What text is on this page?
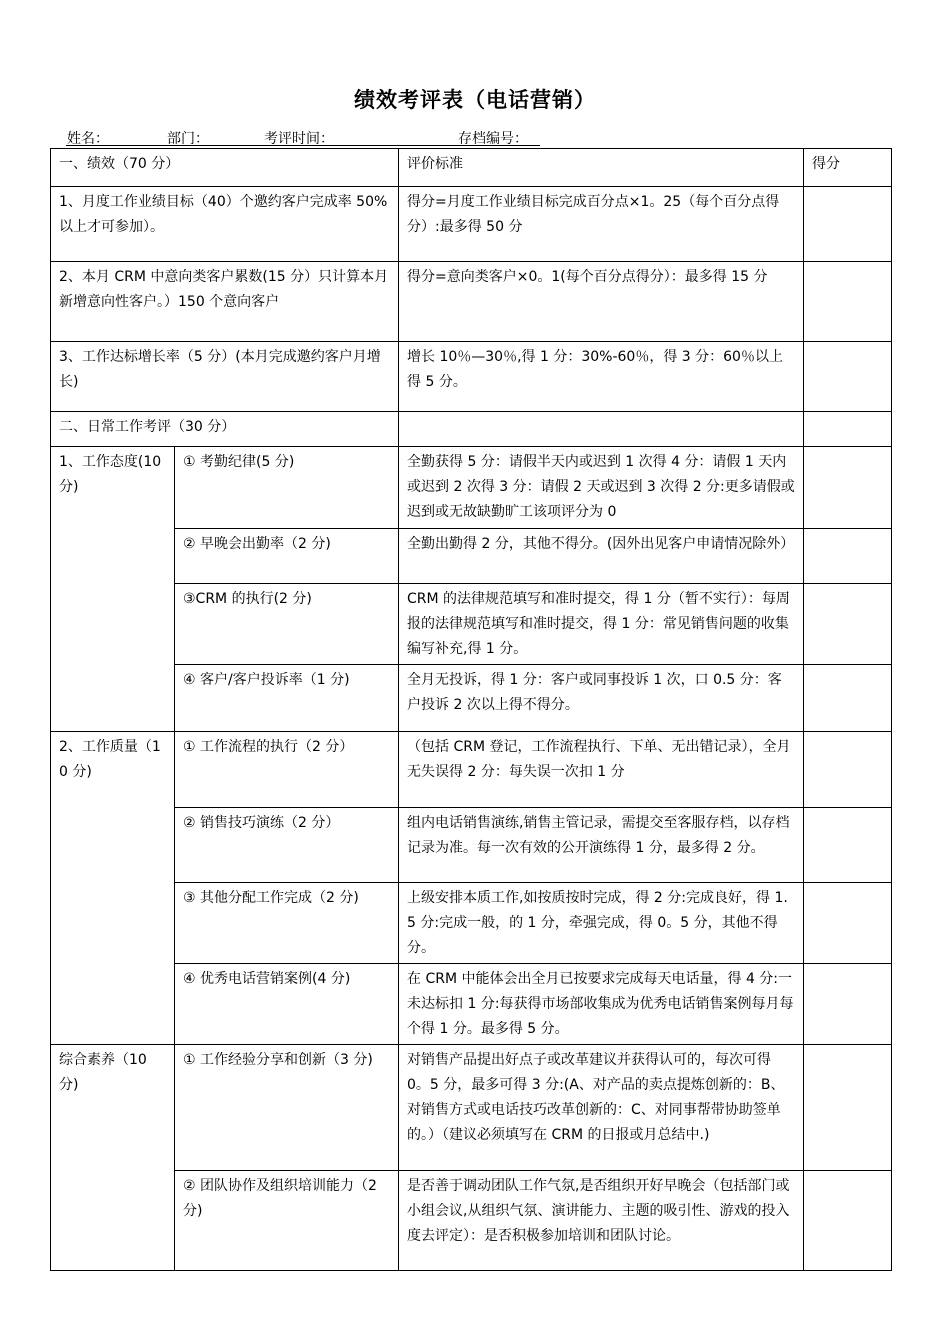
绩效考评表（电话营销）
姓名：	部门：	考评时间：	存档编号：
一、绩效（70 分）		评价标准	得分
1、月度工作业绩目标（40）个邀约客户完成率 50%以上才可参加）。		得分=月度工作业绩目标完成百分点×1。25（每个百分点得分）:最多得 50 分	
2、本月 CRM 中意向类客户累数(15 分）只计算本月新增意向性客户。）150 个意向客户		得分=意向类客户×0。1(每个百分点得分）：最多得 15 分	
3、工作达标增长率（5 分）(本月完成邀约客户月增长)		增长 10％—30％,得 1 分：30%-60％，得 3 分：60％以上得 5 分。	
二、日常工作考评（30 分）			
1、工作态度(10 分)	① 考勤纪律(5 分)	全勤获得 5 分：请假半天内或迟到 1 次得 4 分：请假 1 天内或迟到 2 次得 3 分：请假 2 天或迟到 3 次得 2 分:更多请假或迟到或无故缺勤旷工该项评分为 0	
	② 早晚会出勤率（2 分)	全勤出勤得 2 分，其他不得分。(因外出见客户申请情况除外）	
	③CRM 的执行(2 分)	CRM 的法律规范填写和准时提交，得 1 分（暂不实行）：每周报的法律规范填写和准时提交，得 1 分：常见销售问题的收集编写补充,得 1 分。	
	④ 客户/客户投诉率（1 分)	全月无投诉，得 1 分：客户或同事投诉 1 次，口 0.5 分：客户投诉 2 次以上得不得分。	
2、工作质量（10 分)	① 工作流程的执行（2 分）	（包括 CRM 登记，工作流程执行、下单、无出错记录），全月无失误得 2 分：每失误一次扣 1 分	
	② 销售技巧演练（2 分）	组内电话销售演练,销售主管记录，需提交至客服存档，以存档记录为准。每一次有效的公开演练得 1 分，最多得 2 分。	
	③ 其他分配工作完成（2 分)	上级安排本质工作,如按质按时完成，得 2 分:完成良好，得 1.5 分:完成一般，的 1 分，牵强完成，得 0。5 分，其他不得分。	
	④ 优秀电话营销案例(4 分)	在 CRM 中能体会出全月已按要求完成每天电话量，得 4 分:一未达标扣 1 分:每获得市场部收集成为优秀电话销售案例每月每个得 1 分。最多得 5 分。	
综合素养（10 分)	① 工作经验分享和创新（3 分)	对销售产品提出好点子或改革建议并获得认可的，每次可得 0。5 分，最多可得 3 分:(A、对产品的卖点提炼创新的：B、对销售方式或电话技巧改革创新的：C、对同事帮带协助签单的。）（建议必须填写在 CRM 的日报或月总结中.)	
	② 团队协作及组织培训能力（2 分)	是否善于调动团队工作气氛,是否组织开好早晚会（包括部门或小组会议,从组织气氛、演讲能力、主题的吸引性、游戏的投入度去评定）：是否积极参加培训和团队讨论。	
